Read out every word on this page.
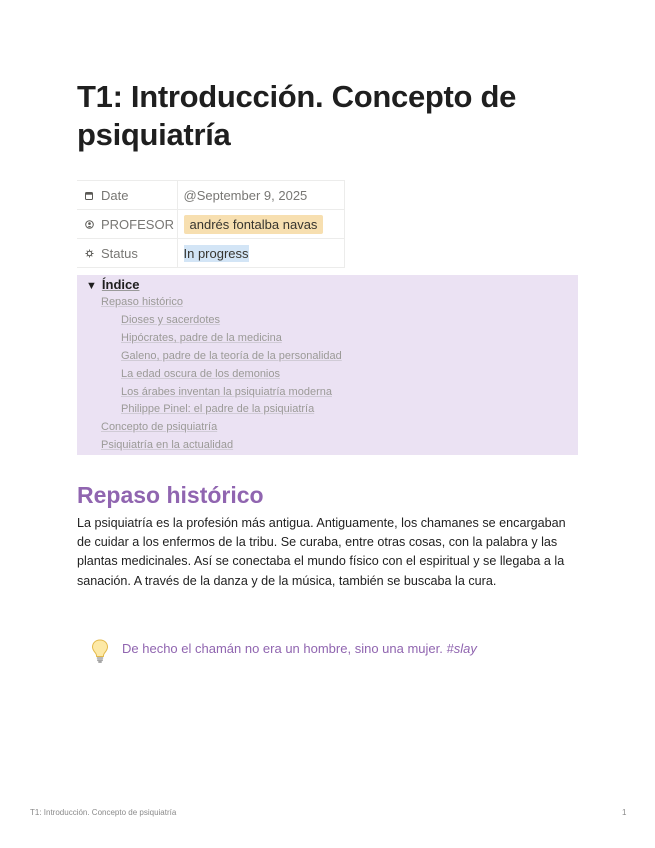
T1: Introducción. Concepto de psiquiatría
Date	@September 9, 2025
PROFESOR	andrés fontalba navas
Status	In progress
▼ Índice
Repaso histórico
Dioses y sacerdotes
Hipócrates, padre de la medicina
Galeno, padre de la teoría de la personalidad
La edad oscura de los demonios
Los árabes inventan la psiquiatría moderna
Philippe Pinel: el padre de la psiquiatría
Concepto de psiquiatría
Psiquiatría en la actualidad
Repaso histórico

La psiquiatría es la profesión más antigua. Antiguamente, los chamanes se encargaban de cuidar a los enfermos de la tribu. Se curaba, entre otras cosas, con la palabra y las plantas medicinales. Así se conectaba el mundo físico con el espiritual y se llegaba a la sanación. A través de la danza y de la música, también se buscaba la cura.

De hecho el chamán no era un hombre, sino una mujer. #slay
T1: Introducción. Concepto de psiquiatría	1
